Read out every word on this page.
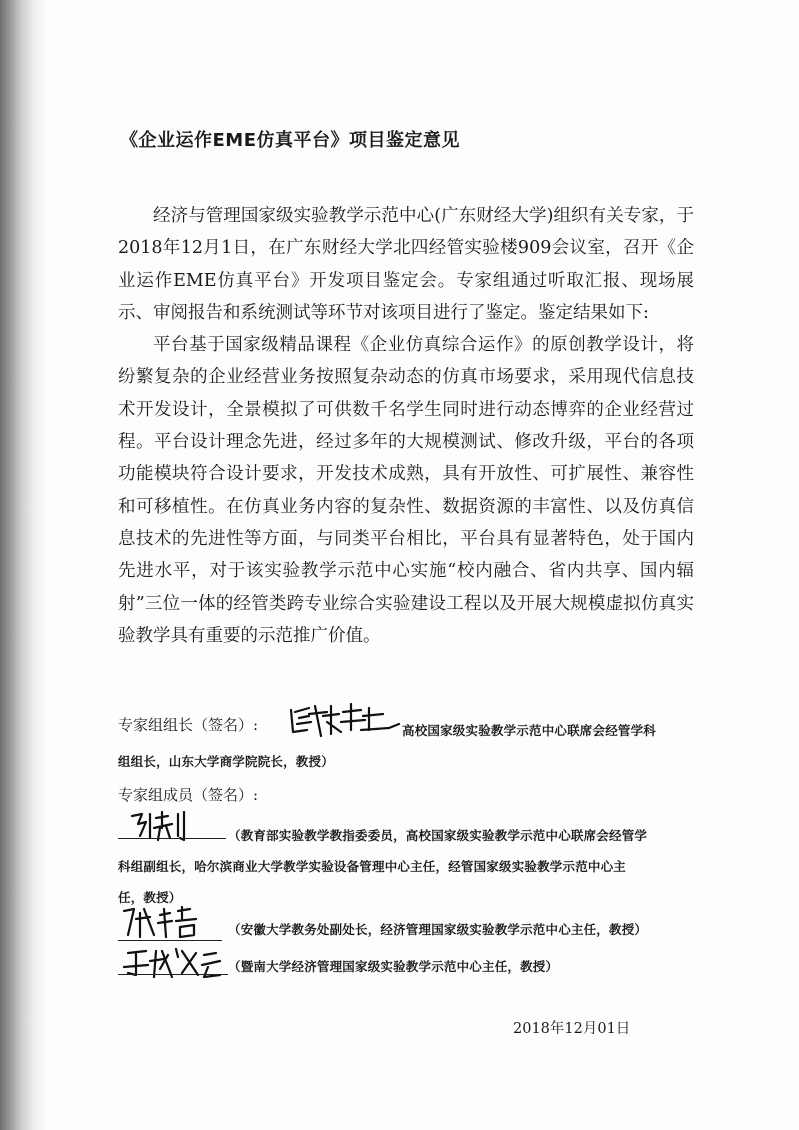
《企业运作EME仿真平台》项目鉴定意见

经济与管理国家级实验教学示范中心(广东财经大学)组织有关专家，于2018年12月1日，在广东财经大学北四经管实验楼909会议室，召开《企业运作EME仿真平台》开发项目鉴定会。专家组通过听取汇报、现场展示、审阅报告和系统测试等环节对该项目进行了鉴定。鉴定结果如下:

平台基于国家级精品课程《企业仿真综合运作》的原创教学设计，将纷繁复杂的企业经营业务按照复杂动态的仿真市场要求，采用现代信息技术开发设计，全景模拟了可供数千名学生同时进行动态博弈的企业经营过程。平台设计理念先进，经过多年的大规模测试、修改升级，平台的各项功能模块符合设计要求，开发技术成熟，具有开放性、可扩展性、兼容性和可移植性。在仿真业务内容的复杂性、数据资源的丰富性、以及仿真信息技术的先进性等方面，与同类平台相比，平台具有显著特色，处于国内先进水平，对于该实验教学示范中心实施“校内融合、省内共享、国内辐射”三位一体的经管类跨专业综合实验建设工程以及开展大规模虚拟仿真实验教学具有重要的示范推广价值。

专家组组长（签名）:	高校国家级实验教学示范中心联席会经管学科
组组长，山东大学商学院院长，教授）
专家组成员（签名）:
（教育部实验教学教指委委员，高校国家级实验教学示范中心联席会经管学
科组副组长，哈尔滨商业大学教学实验设备管理中心主任，经管国家级实验教学示范中心主
任，教授）
（安徽大学教务处副处长，经济管理国家级实验教学示范中心主任，教授）
（暨南大学经济管理国家级实验教学示范中心主任，教授）
2018年12月01日
